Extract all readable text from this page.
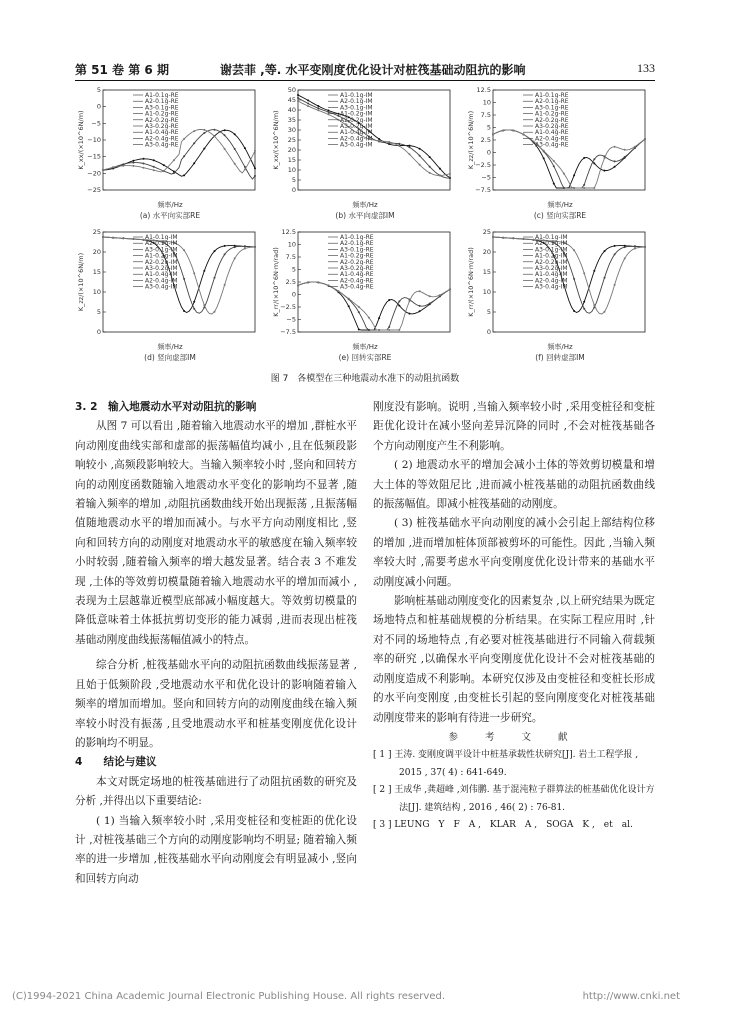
第 51 卷 第 6 期	谢芸菲 ,等. 水平变刚度优化设计对桩筏基础动阻抗的影响	133
5
0
−5
−10
−15
−20
−25
K_xx/(×10^6N/m)
A1-0.1g-RE
A2-0.1g-RE
A3-0.1g-RE
A1-0.2g-RE
A2-0.2g-RE
A3-0.2g-RE
A1-0.4g-RE
A2-0.4g-RE
A3-0.4g-RE
频率/Hz
(a) 水平向实部RE
50
45
40
35
30
25
20
15
10
5
0
K_xx/(×10^6N/m)
A1-0.1g-IM
A2-0.1g-IM
A3-0.1g-IM
A1-0.2g-IM
A2-0.2g-IM
A3-0.2g-IM
A1-0.4g-IM
A2-0.4g-IM
A3-0.4g-IM
频率/Hz
(b) 水平向虚部IM
12.5
10
7.5
5
2.5
0
−2.5
−5
−7.5
K_zz/(×10^6N/m)
A1-0.1g-RE
A2-0.1g-RE
A3-0.1g-RE
A1-0.2g-RE
A2-0.2g-RE
A3-0.2g-RE
A1-0.4g-RE
A2-0.4g-RE
A3-0.4g-RE
频率/Hz
(c) 竖向实部RE
25
20
15
10
5
0
K_zz/(×10^6N/m)
A1-0.1g-IM
A2-0.1g-IM
A3-0.1g-IM
A1-0.2g-IM
A2-0.2g-IM
A3-0.2g-IM
A1-0.4g-IM
A2-0.4g-IM
A3-0.4g-IM
频率/Hz
(d) 竖向虚部IM
12.5
10
7.5
5
2.5
0
−2.5
−5
−7.5
K_rr/(×10^6N·m/rad)
A1-0.1g-RE
A2-0.1g-RE
A3-0.1g-RE
A1-0.2g-RE
A2-0.2g-RE
A3-0.2g-RE
A1-0.4g-RE
A2-0.4g-RE
A3-0.4g-RE
频率/Hz
(e) 回转实部RE
25
20
15
10
5
0
K_rr/(×10^6N·m/rad)
A1-0.1g-IM
A2-0.1g-IM
A3-0.1g-IM
A1-0.2g-IM
A2-0.2g-IM
A3-0.2g-IM
A1-0.4g-IM
A2-0.4g-IM
A3-0.4g-IM
频率/Hz
(f) 回转虚部IM
图 7　各模型在三种地震动水准下的动阻抗函数

3. 2　输入地震动水平对动阻抗的影响

从图 7 可以看出 ,随着输入地震动水平的增加 ,群桩水平向动刚度曲线实部和虚部的振荡幅值均减小 ,且在低频段影响较小 ,高频段影响较大。当输入频率较小时 ,竖向和回转方向的动刚度函数随输入地震动水平变化的影响均不显著 ,随着输入频率的增加 ,动阻抗函数曲线开始出现振荡 ,且振荡幅值随地震动水平的增加而减小。与水平方向动刚度相比 ,竖向和回转方向的动刚度对地震动水平的敏感度在输入频率较小时较弱 ,随着输入频率的增大越发显著。结合表 3 不难发现 ,土体的等效剪切模量随着输入地震动水平的增加而减小 ,表现为土层越靠近模型底部减小幅度越大。等效剪切模量的降低意味着土体抵抗剪切变形的能力减弱 ,进而表现出桩筏基础动刚度曲线振荡幅值减小的特点。

综合分析 ,桩筏基础水平向的动阻抗函数曲线振荡显著 ,且始于低频阶段 ,受地震动水平和优化设计的影响随着输入频率的增加而增加。竖向和回转方向的动刚度曲线在输入频率较小时没有振荡 ,且受地震动水平和桩基变刚度优化设计的影响均不明显。

4　　结论与建议

本文对既定场地的桩筏基础进行了动阻抗函数的研究及分析 ,并得出以下重要结论:

( 1) 当输入频率较小时 ,采用变桩径和变桩距的优化设计 ,对桩筏基础三个方向的动刚度影响均不明显; 随着输入频率的进一步增加 ,桩筏基础水平向动刚度会有明显减小 ,竖向和回转方向动

刚度没有影响。说明 ,当输入频率较小时 ,采用变桩径和变桩距优化设计在减小竖向差异沉降的同时 ,不会对桩筏基础各个方向动刚度产生不利影响。

( 2) 地震动水平的增加会减小土体的等效剪切模量和增大土体的等效阻尼比 ,进而减小桩筏基础的动阻抗函数曲线的振荡幅值。即减小桩筏基础的动刚度。

( 3) 桩筏基础水平向动刚度的减小会引起上部结构位移的增加 ,进而增加桩体顶部被剪坏的可能性。因此 ,当输入频率较大时 ,需要考虑水平向变刚度优化设计带来的基础水平动刚度减小问题。

影响桩基础动刚度变化的因素复杂 ,以上研究结果为既定场地特点和桩基础规模的分析结果。在实际工程应用时 ,针对不同的场地特点 ,有必要对桩筏基础进行不同输入荷载频率的研究 ,以确保水平向变刚度优化设计不会对桩筏基础的动刚度造成不利影响。本研究仅涉及由变桩径和变桩长形成的水平向变刚度 ,由变桩长引起的竖向刚度变化对桩筏基础动刚度带来的影响有待进一步研究。

参 考 文 献

[ 1 ] 王涛. 变刚度调平设计中桩基承载性状研究[J]. 岩土工程学报 , 2015 , 37( 4) : 641-649.

[ 2 ] 王成华 ,龚超峰 ,刘伟鹏. 基于混沌粒子群算法的桩基础优化设计方法[J]. 建筑结构 , 2016 , 46( 2) : 76-81.

[ 3 ] LEUNG　Y　F　A ,　KLAR　A ,　SOGA　K ,　et　al.

(C)1994-2021 China Academic Journal Electronic Publishing House. All rights reserved.	http://www.cnki.net
